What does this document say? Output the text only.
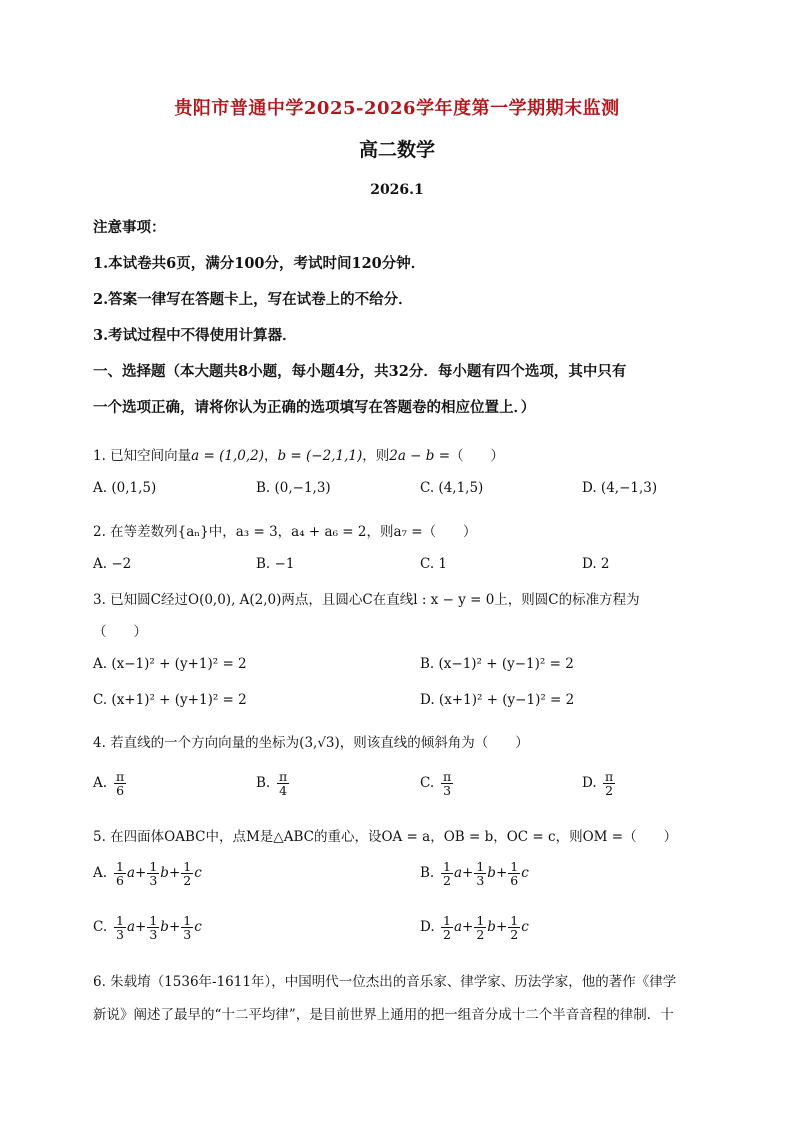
贵阳市普通中学2025-2026学年度第一学期期末监测
高二数学
2026.1
注意事项：
1.本试卷共6页，满分100分，考试时间120分钟．
2.答案一律写在答题卡上，写在试卷上的不给分．
3.考试过程中不得使用计算器．
一、选择题（本大题共8小题，每小题4分，共32分．每小题有四个选项，其中只有
一个选项正确，请将你认为正确的选项填写在答题卷的相应位置上．）
1. 已知空间向量a = (1,0,2)，b = (−2,1,1)，则2a − b =（　　）
A. (0,1,5)	B. (0,−1,3)	C. (4,1,5)	D. (4,−1,3)
2. 在等差数列{aₙ}中，a₃ = 3，a₄ + a₆ = 2，则a₇ =（　　）
A. −2	B. −1	C. 1	D. 2
3. 已知圆C经过O(0,0), A(2,0)两点，且圆心C在直线l : x − y = 0上，则圆C的标准方程为
（　　）
A. (x−1)² + (y+1)² = 2	B. (x−1)² + (y−1)² = 2
C. (x+1)² + (y+1)² = 2	D. (x+1)² + (y−1)² = 2
4. 若直线的一个方向向量的坐标为(3,√3)，则该直线的倾斜角为（　　）
A. $\frac{\pi}{6}$	B. $\frac{\pi}{4}$	C. $\frac{\pi}{3}$	D. $\frac{\pi}{2}$
5. 在四面体OABC中，点M是△ABC的重心，设OA = a，OB = b，OC = c，则OM =（　　）
A. $\frac{1}{6} a+ \frac{1}{3} b+ \frac{1}{2}$ c	B. $\frac{1}{2} a+ \frac{1}{3} b+ \frac{1}{6}$ c
C. $\frac{1}{3} a+ \frac{1}{3} b+ \frac{1}{3}$ c	D. $\frac{1}{2} a+ \frac{1}{2} b+ \frac{1}{2}$ c
6. 朱载堉（1536年-1611年），中国明代一位杰出的音乐家、律学家、历法学家，他的著作《律学
新说》阐述了最早的“十二平均律”，是目前世界上通用的把一组音分成十二个半音音程的律制．十
